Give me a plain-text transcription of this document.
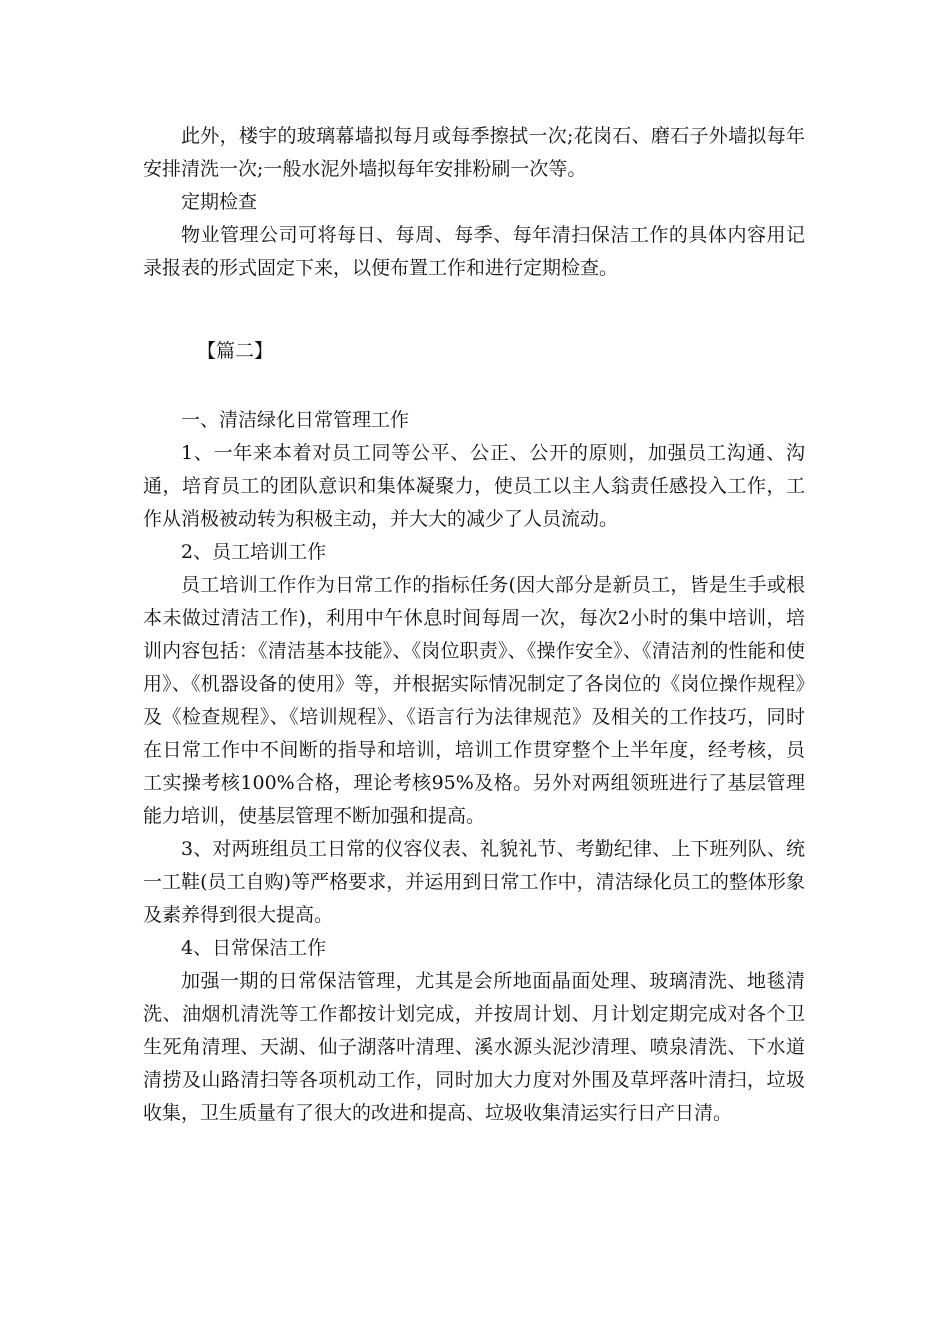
此外，楼宇的玻璃幕墙拟每月或每季擦拭一次;花岗石、磨石子外墙拟每年安排清洗一次;一般水泥外墙拟每年安排粉刷一次等。

定期检查

物业管理公司可将每日、每周、每季、每年清扫保洁工作的具体内容用记录报表的形式固定下来，以便布置工作和进行定期检查。

【篇二】

一、清洁绿化日常管理工作

1、一年来本着对员工同等公平、公正、公开的原则，加强员工沟通、沟通，培育员工的团队意识和集体凝聚力，使员工以主人翁责任感投入工作，工作从消极被动转为积极主动，并大大的减少了人员流动。

2、员工培训工作

员工培训工作作为日常工作的指标任务(因大部分是新员工，皆是生手或根本未做过清洁工作)，利用中午休息时间每周一次，每次2小时的集中培训，培训内容包括：《清洁基本技能》、《岗位职责》、《操作安全》、《清洁剂的性能和使用》、《机器设备的使用》等，并根据实际情况制定了各岗位的《岗位操作规程》及《检查规程》、《培训规程》、《语言行为法律规范》及相关的工作技巧，同时在日常工作中不间断的指导和培训，培训工作贯穿整个上半年度，经考核，员工实操考核100%合格，理论考核95%及格。另外对两组领班进行了基层管理能力培训，使基层管理不断加强和提高。

3、对两班组员工日常的仪容仪表、礼貌礼节、考勤纪律、上下班列队、统一工鞋(员工自购)等严格要求，并运用到日常工作中，清洁绿化员工的整体形象及素养得到很大提高。

4、日常保洁工作

加强一期的日常保洁管理，尤其是会所地面晶面处理、玻璃清洗、地毯清洗、油烟机清洗等工作都按计划完成，并按周计划、月计划定期完成对各个卫生死角清理、天湖、仙子湖落叶清理、溪水源头泥沙清理、喷泉清洗、下水道清捞及山路清扫等各项机动工作，同时加大力度对外围及草坪落叶清扫，垃圾收集，卫生质量有了很大的改进和提高、垃圾收集清运实行日产日清。
